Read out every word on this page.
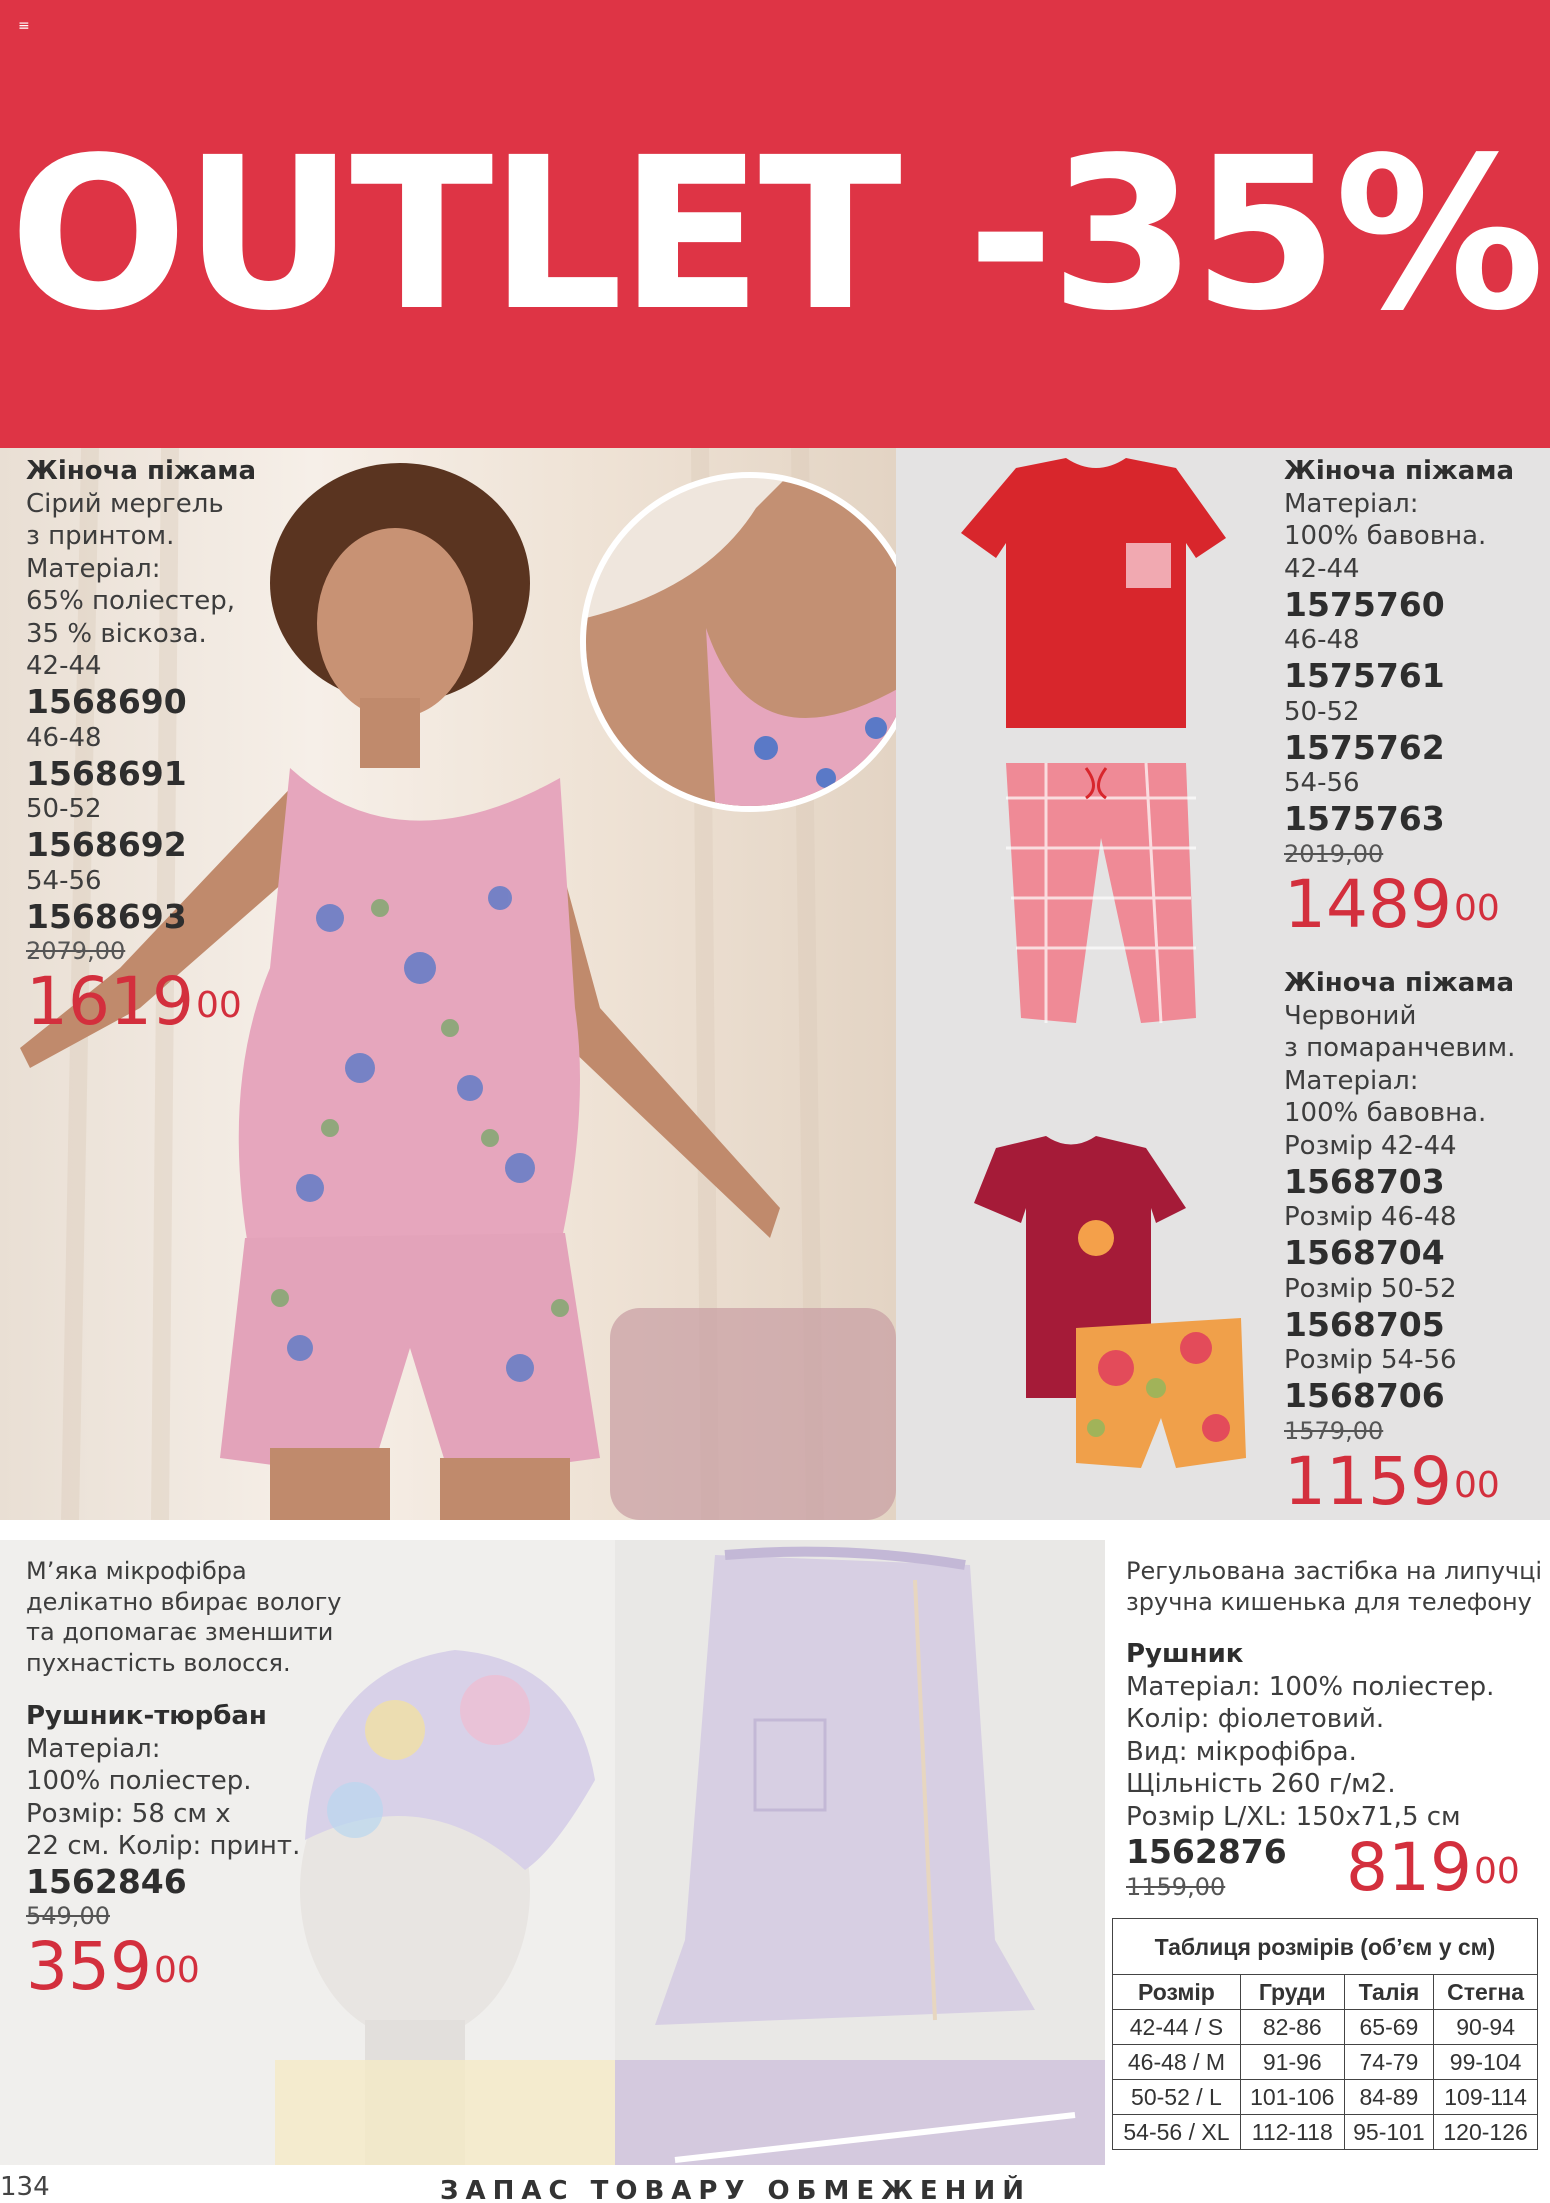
≡
OUTLET -35%
Жіноча піжама
Сірий мергель
з принтом.
Матеріал:
65% поліестер,
35 % віскоза.
42-44
1568690
46-48
1568691
50-52
1568692
54-56
1568693
2079,00
1619$^{00}$
Жіноча піжама
Матеріал:
100% бавовна.
42-44
1575760
46-48
1575761
50-52
1575762
54-56
1575763
2019,00
1489$^{00}$
Жіноча піжама
Червоний
з помаранчевим.
Матеріал:
100% бавовна.
Розмір 42-44
1568703
Розмір 46-48
1568704
Розмір 50-52
1568705
Розмір 54-56
1568706
1579,00
1159$^{00}$
М’яка мікрофібра
делікатно вбирає вологу
та допомагає зменшити
пухнастість волосся.
Рушник-тюрбан
Матеріал:
100% поліестер.
Розмір: 58 см х
22 см. Колір: принт.
1562846
549,00
$359^{00}$
Регульована застібка на липучці
зручна кишенька для телефону
Рушник
Матеріал: 100% поліестер.
Колір: фіолетовий.
Вид: мікрофібра.
Щільність 260 г/м2.
Розмір L/XL: 150x71,5 см
1562876
1159,00	$819^{00}$
Таблиця розмірів (об’єм у см)
Розмір	Груди	Талія	Стегна
42-44 / S	82-86	65-69	90-94
46-48 / M	91-96	74-79	99-104
50-52 / L	101-106	84-89	109-114
54-56 / XL	112-118	95-101	120-126
134	ЗАПАС ТОВАРУ ОБМЕЖЕНИЙ
